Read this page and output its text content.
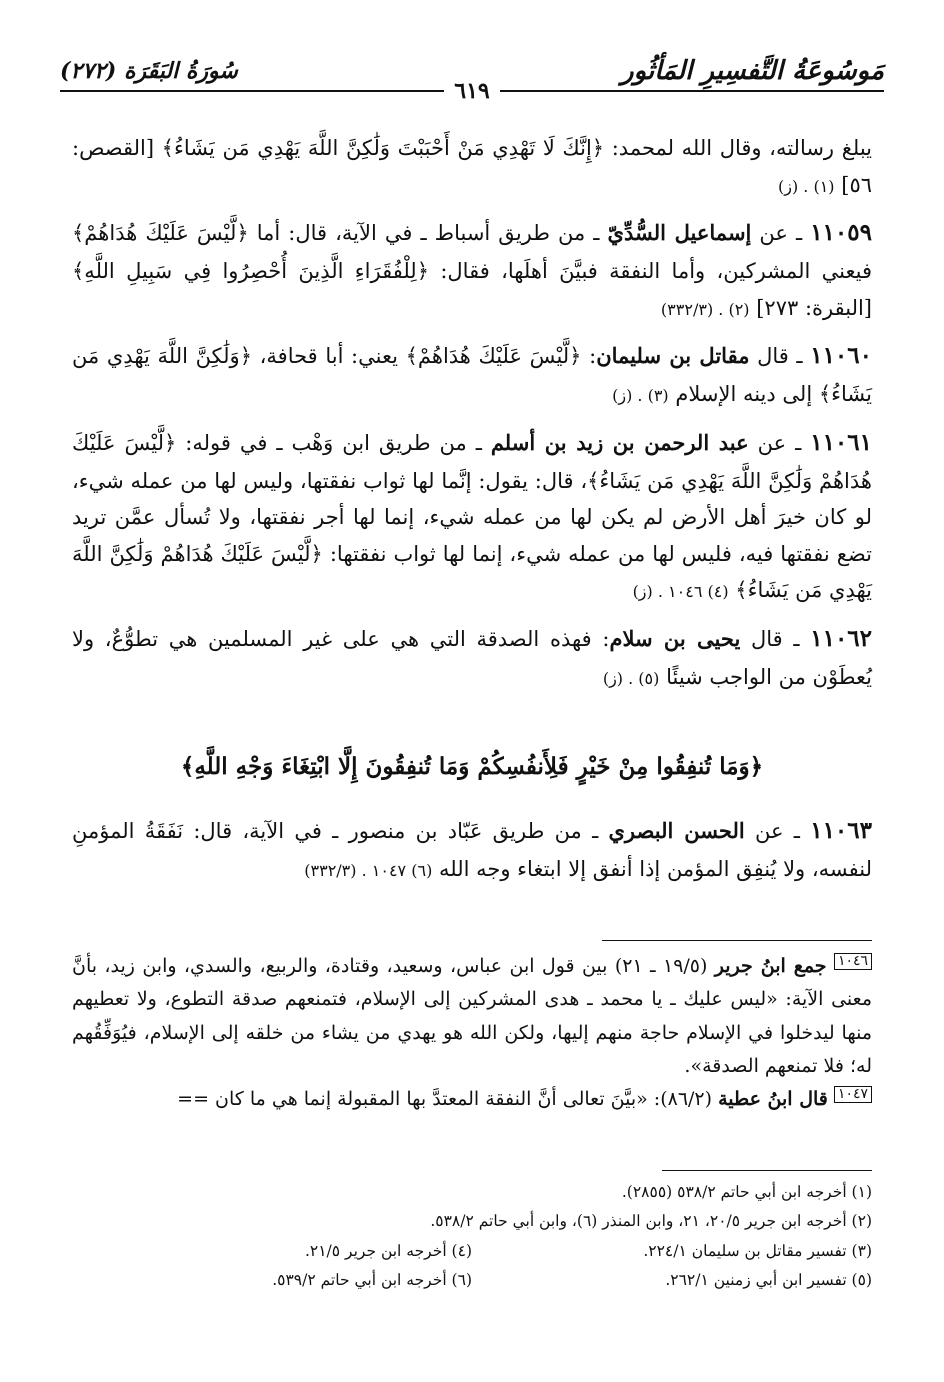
مَوسُوعَةُ التَّفسِيرِ المَأثُور
سُورَةُ البَقَرَة (٢٧٢)
٦١٩

يبلغ رسالته، وقال الله لمحمد: ﴿إِنَّكَ لَا تَهْدِي مَنْ أَحْبَبْتَ وَلَٰكِنَّ اللَّهَ يَهْدِي مَن يَشَاءُ﴾ [القصص: ٥٦] (١) . (ز)

١١٠٥٩ ـ عن إسماعيل السُّدِّيّ ـ من طريق أسباط ـ في الآية، قال: أما ﴿لَّيْسَ عَلَيْكَ هُدَاهُمْ﴾ فيعني المشركين، وأما النفقة فبيَّنَ أهلَها، فقال: ﴿لِلْفُقَرَاءِ الَّذِينَ أُحْصِرُوا فِي سَبِيلِ اللَّهِ﴾ [البقرة: ٢٧٣] (٢) . (٣٣٢/٣)

١١٠٦٠ ـ قال مقاتل بن سليمان: ﴿لَّيْسَ عَلَيْكَ هُدَاهُمْ﴾ يعني: أبا قحافة، ﴿وَلَٰكِنَّ اللَّهَ يَهْدِي مَن يَشَاءُ﴾ إلى دينه الإسلام (٣) . (ز)

١١٠٦١ ـ عن عبد الرحمن بن زيد بن أسلم ـ من طريق ابن وَهْب ـ في قوله: ﴿لَّيْسَ عَلَيْكَ هُدَاهُمْ وَلَٰكِنَّ اللَّهَ يَهْدِي مَن يَشَاءُ﴾، قال: يقول: إنَّما لها ثواب نفقتها، وليس لها من عمله شيء، لو كان خيرَ أهل الأرض لم يكن لها من عمله شيء، إنما لها أجر نفقتها، ولا تُسأل عمَّن تريد تضع نفقتها فيه، فليس لها من عمله شيء، إنما لها ثواب نفقتها: ﴿لَّيْسَ عَلَيْكَ هُدَاهُمْ وَلَٰكِنَّ اللَّهَ يَهْدِي مَن يَشَاءُ﴾ (٤) ١٠٤٦ . (ز)

١١٠٦٢ ـ قال يحيى بن سلام: فهذه الصدقة التي هي على غير المسلمين هي تطوُّعٌ، ولا يُعطَوْن من الواجب شيئًا (٥) . (ز)

﴿وَمَا تُنفِقُوا مِنْ خَيْرٍ فَلِأَنفُسِكُمْ وَمَا تُنفِقُونَ إِلَّا ابْتِغَاءَ وَجْهِ اللَّهِ﴾

١١٠٦٣ ـ عن الحسن البصري ـ من طريق عَبّاد بن منصور ـ في الآية، قال: نَفَقَةُ المؤمنِ لنفسه، ولا يُنفِق المؤمن إذا أنفق إلا ابتغاء وجه الله (٦) ١٠٤٧ . (٣٣٢/٣)

١٠٤٦ جمع ابنُ جرير (١٩/٥ ـ ٢١) بين قول ابن عباس، وسعيد، وقتادة، والربيع، والسدي، وابن زيد، بأنَّ معنى الآية: «ليس عليك ـ يا محمد ـ هدى المشركين إلى الإسلام، فتمنعهم صدقة التطوع، ولا تعطيهم منها ليدخلوا في الإسلام حاجة منهم إليها، ولكن الله هو يهدي من يشاء من خلقه إلى الإسلام، فيُوَفِّقُهم له؛ فلا تمنعهم الصدقة».

١٠٤٧ قال ابنُ عطية (٨٦/٢): «بيَّنَ تعالى أنَّ النفقة المعتدَّ بها المقبولة إنما هي ما كان ==

(١) أخرجه ابن أبي حاتم ٥٣٨/٢ (٢٨٥٥).
(٢) أخرجه ابن جرير ٢٠/٥، ٢١، وابن المنذر (٦)، وابن أبي حاتم ٥٣٨/٢.
(٣) تفسير مقاتل بن سليمان ٢٢٤/١.
(٤) أخرجه ابن جرير ٢١/٥.
(٥) تفسير ابن أبي زمنين ٢٦٢/١.
(٦) أخرجه ابن أبي حاتم ٥٣٩/٢.
